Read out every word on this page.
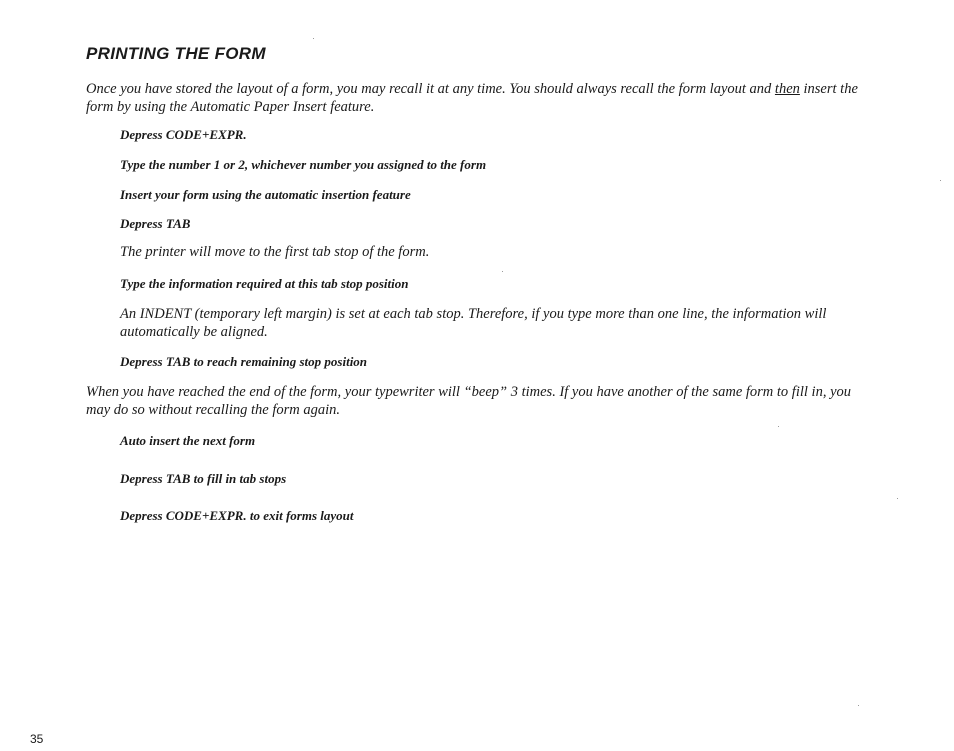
PRINTING THE FORM

Once you have stored the layout of a form, you may recall it at any time. You should always recall the form layout and then insert the form by using the Automatic Paper Insert feature.

Depress CODE+EXPR.

Type the number 1 or 2, whichever number you assigned to the form

Insert your form using the automatic insertion feature

Depress TAB

The printer will move to the first tab stop of the form.

Type the information required at this tab stop position

An INDENT (temporary left margin) is set at each tab stop. Therefore, if you type more than one line, the information will automatically be aligned.

Depress TAB to reach remaining stop position

When you have reached the end of the form, your typewriter will “beep” 3 times. If you have another of the same form to fill in, you may do so without recalling the form again.

Auto insert the next form

Depress TAB to fill in tab stops

Depress CODE+EXPR. to exit forms layout

35
